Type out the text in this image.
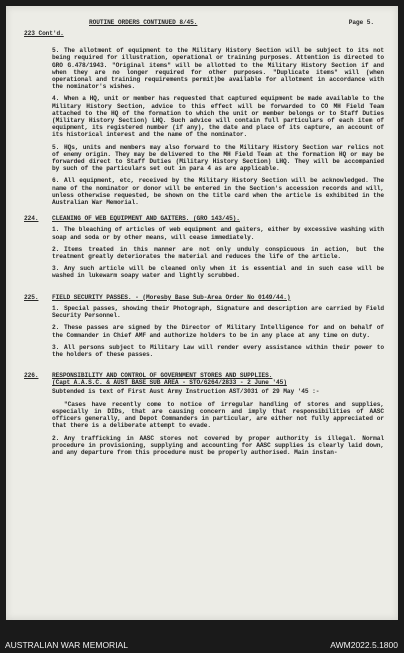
ROUTINE ORDERS CONTINUED 8/45.	Page 5.
223 Cont'd.

5. The allotment of equipment to the Military History Section will be subject to its not being required for illustration, operational or training purposes. Attention is directed to GRO G.478/1943. "Original items" will be allotted to the Military History Section if and when they are no longer required for other purposes. "Duplicate items" will (when operational and training requirements permit)be available for allotment in accordance with the nominator's wishes.

4. When a HQ, unit or member has requested that captured equipment be made available to the Military History Section, advice to this effect will be forwarded to CO MH Field Team attached to the HQ of the formation to which the unit or member belongs or to Staff Duties (Military History Section) LHQ. Such advice will contain full particulars of each item of equipment, its registered number (if any), the date and place of its capture, an account of its historical interest and the name of the nominator.

5. HQs, units and members may also forward to the Military History Section war relics not of enemy origin. They may be delivered to the MH Field Team at the formation HQ or may be forwarded direct to Staff Duties (Military History Section) LHQ. They will be accompanied by such of the particulars set out in para 4 as are applicable.

6. All equipment, etc, received by the Military History Section will be acknowledged. The name of the nominator or donor will be entered in the Section's accession records and will, unless otherwise requested, be shown on the title card when the article is exhibited in the Australian War Memorial.

224.	CLEANING OF WEB EQUIPMENT AND GAITERS. (GRO 143/45).

1. The bleaching of articles of web equipment and gaiters, either by excessive washing with soap and soda or by other means, will cease immediately.

2. Items treated in this manner are not only unduly conspicuous in action, but the treatment greatly deteriorates the material and reduces the life of the article.

3. Any such article will be cleaned only when it is essential and in such case will be washed in lukewarm soapy water and lightly scrubbed.

225.	FIELD SECURITY PASSES. - (Moresby Base Sub-Area Order No 0149/44.)

1. Special passes, showing their Photograph, Signature and description are carried by Field Security Personnel.

2. These passes are signed by the Director of Military Intelligence for and on behalf of the Commander in Chief AMF and authorize holders to be in any place at any time on duty.

3. All persons subject to Military Law will render every assistance within their power to the holders of these passes.

226.	RESPONSIBILITY AND CONTROL OF GOVERNMENT STORES AND SUPPLIES.
(Capt A.A.S.C. & AUST BASE SUB AREA - STO/6264/2833 - 2 June '45)

Subtended is text of First Aust Army Instruction AST/3031 of 29 May '45 :-

"Cases have recently come to notice of irregular handling of stores and supplies, especially in DIDs, that are causing concern and imply that responsibilities of AASC officers generally, and Depot Commanders in particular, are either not fully appreciated or that there is a deliberate attempt to evade.

2. Any trafficking in AASC stores not covered by proper authority is illegal. Normal procedure in provisioning, supplying and accounting for AASC supplies is clearly laid down, and any departure from this procedure must be properly authorised. Main instan-

AUSTRALIAN WAR MEMORIAL	AWM2022.5.1800
